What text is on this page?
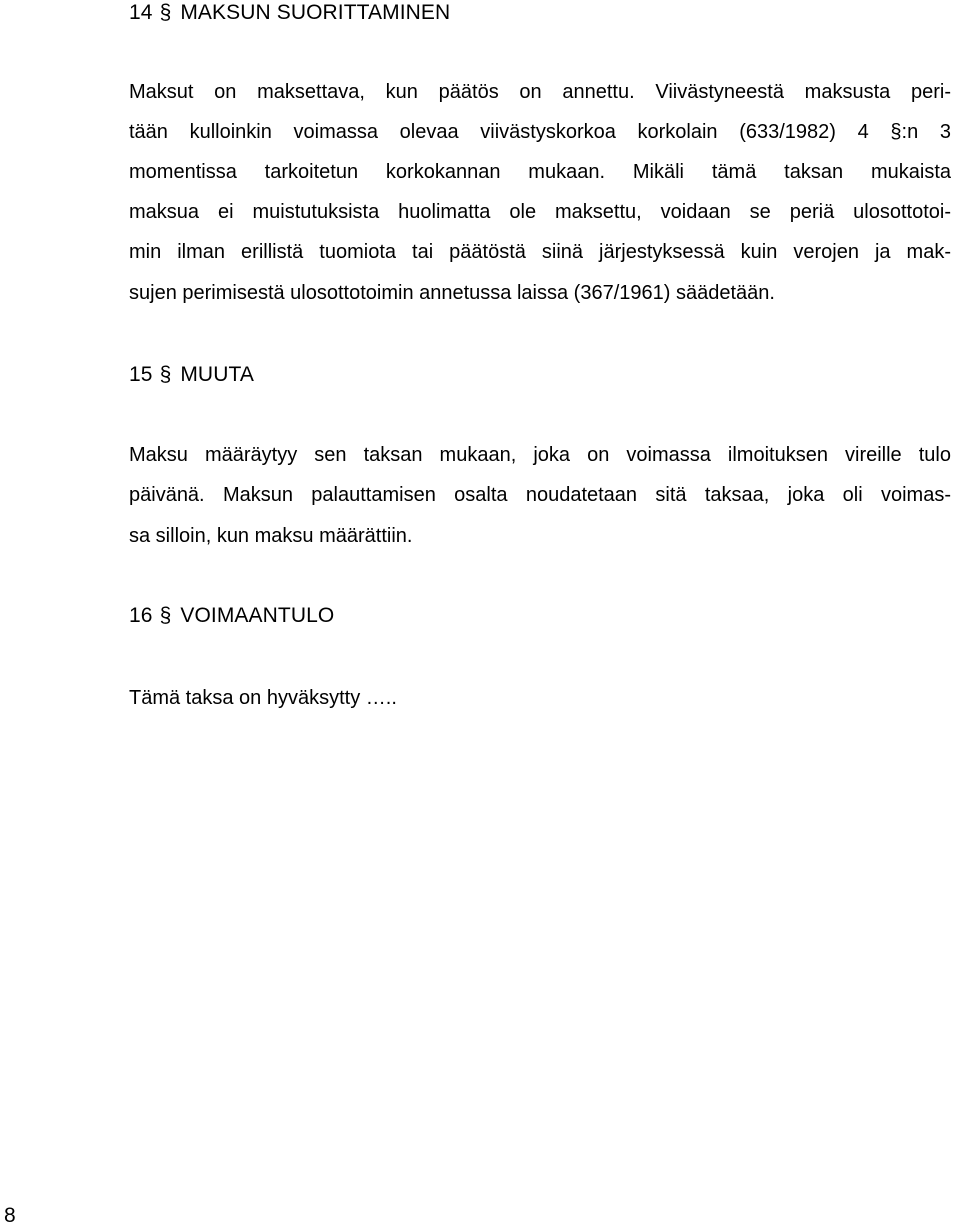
14 § MAKSUN SUORITTAMINEN
Maksut on maksettava, kun päätös on annettu. Viivästyneestä maksusta peri-
tään kulloinkin voimassa olevaa viivästyskorkoa korkolain (633/1982) 4 §:n 3
momentissa tarkoitetun korkokannan mukaan. Mikäli tämä taksan mukaista
maksua ei muistutuksista huolimatta ole maksettu, voidaan se periä ulosottotoi-
min ilman erillistä tuomiota tai päätöstä siinä järjestyksessä kuin verojen ja mak-
sujen perimisestä ulosottotoimin annetussa laissa (367/1961) säädetään.
15 § MUUTA
Maksu määräytyy sen taksan mukaan, joka on voimassa ilmoituksen vireille tulo
päivänä. Maksun palauttamisen osalta noudatetaan sitä taksaa, joka oli voimas-
sa silloin, kun maksu määrättiin.
16 § VOIMAANTULO
Tämä taksa on hyväksytty …..
8
